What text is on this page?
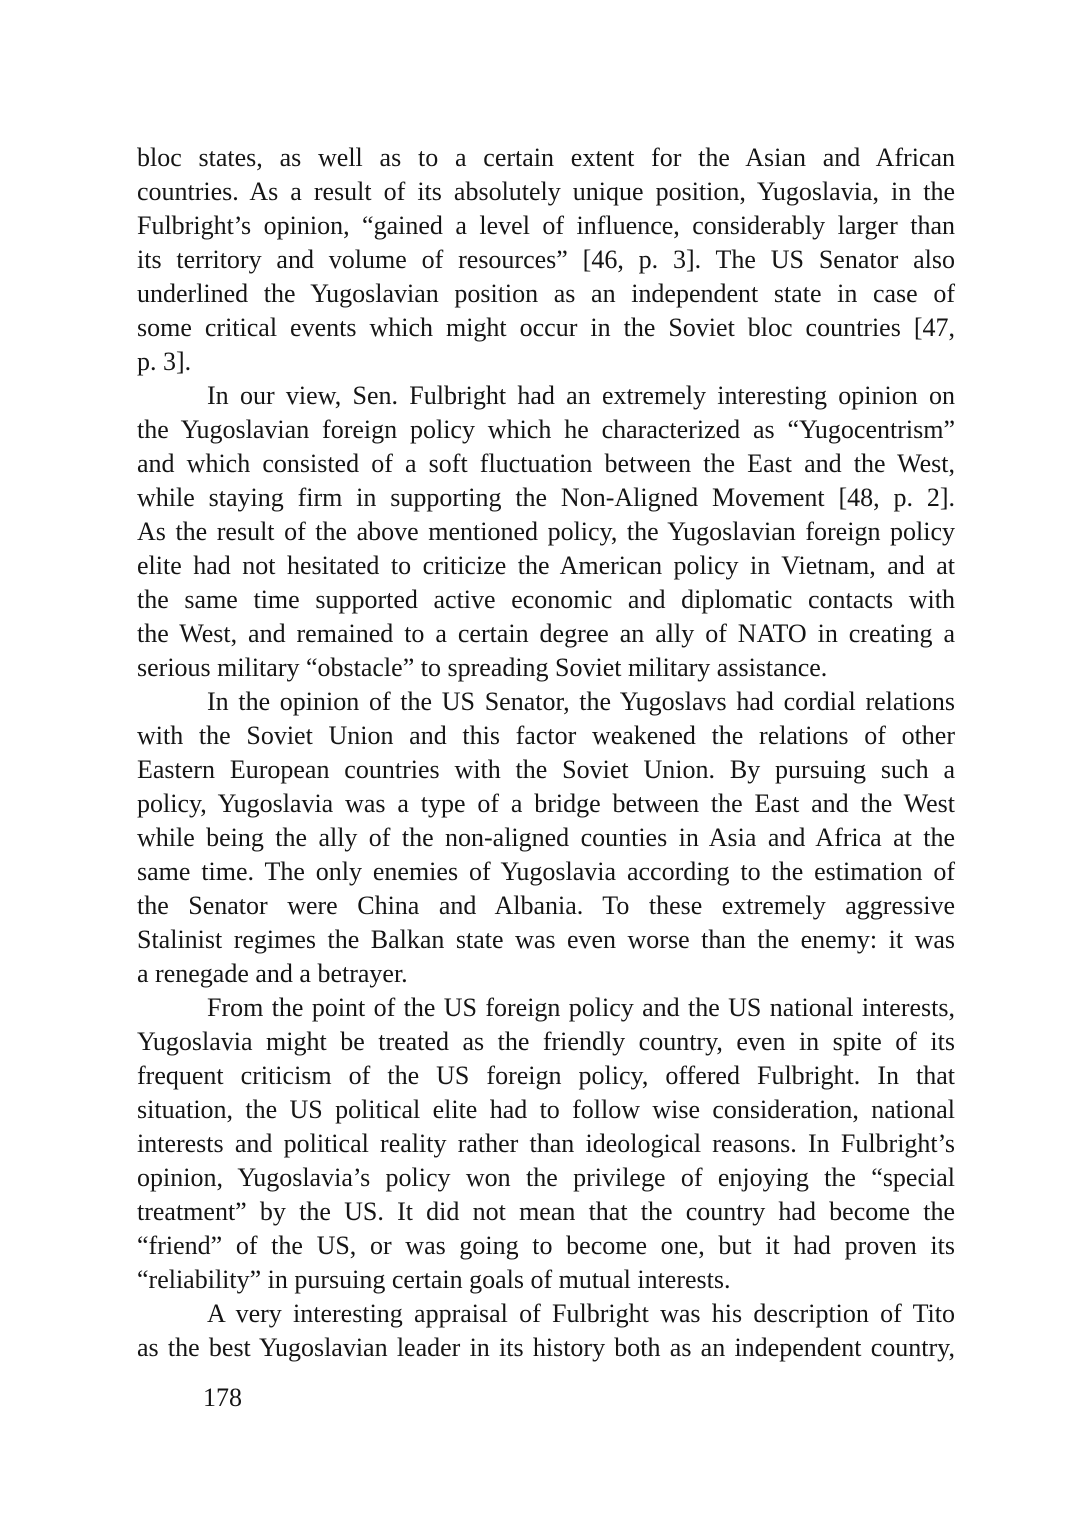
bloc states, as well as to a certain extent for the Asian and African
countries. As a result of its absolutely unique position, Yugoslavia, in the
Fulbright’s opinion, “gained a level of influence, considerably larger than
its territory and volume of resources” [46, p. 3]. The US Senator also
underlined the Yugoslavian position as an independent state in case of
some critical events which might occur in the Soviet bloc countries [47,
p. 3].
In our view, Sen. Fulbright had an extremely interesting opinion on
the Yugoslavian foreign policy which he characterized as “Yugocentrism”
and which consisted of a soft fluctuation between the East and the West,
while staying firm in supporting the Non-Aligned Movement [48, p. 2].
As the result of the above mentioned policy, the Yugoslavian foreign policy
elite had not hesitated to criticize the American policy in Vietnam, and at
the same time supported active economic and diplomatic contacts with
the West, and remained to a certain degree an ally of NATO in creating a
serious military “obstacle” to spreading Soviet military assistance.
In the opinion of the US Senator, the Yugoslavs had cordial relations
with the Soviet Union and this factor weakened the relations of other
Eastern European countries with the Soviet Union. By pursuing such a
policy, Yugoslavia was a type of a bridge between the East and the West
while being the ally of the non-aligned counties in Asia and Africa at the
same time. The only enemies of Yugoslavia according to the estimation of
the Senator were China and Albania. To these extremely aggressive
Stalinist regimes the Balkan state was even worse than the enemy: it was
a renegade and a betrayer.
From the point of the US foreign policy and the US national interests,
Yugoslavia might be treated as the friendly country, even in spite of its
frequent criticism of the US foreign policy, offered Fulbright. In that
situation, the US political elite had to follow wise consideration, national
interests and political reality rather than ideological reasons. In Fulbright’s
opinion, Yugoslavia’s policy won the privilege of enjoying the “special
treatment” by the US. It did not mean that the country had become the
“friend” of the US, or was going to become one, but it had proven its
“reliability” in pursuing certain goals of mutual interests.
A very interesting appraisal of Fulbright was his description of Tito
as the best Yugoslavian leader in its history both as an independent country,
178
